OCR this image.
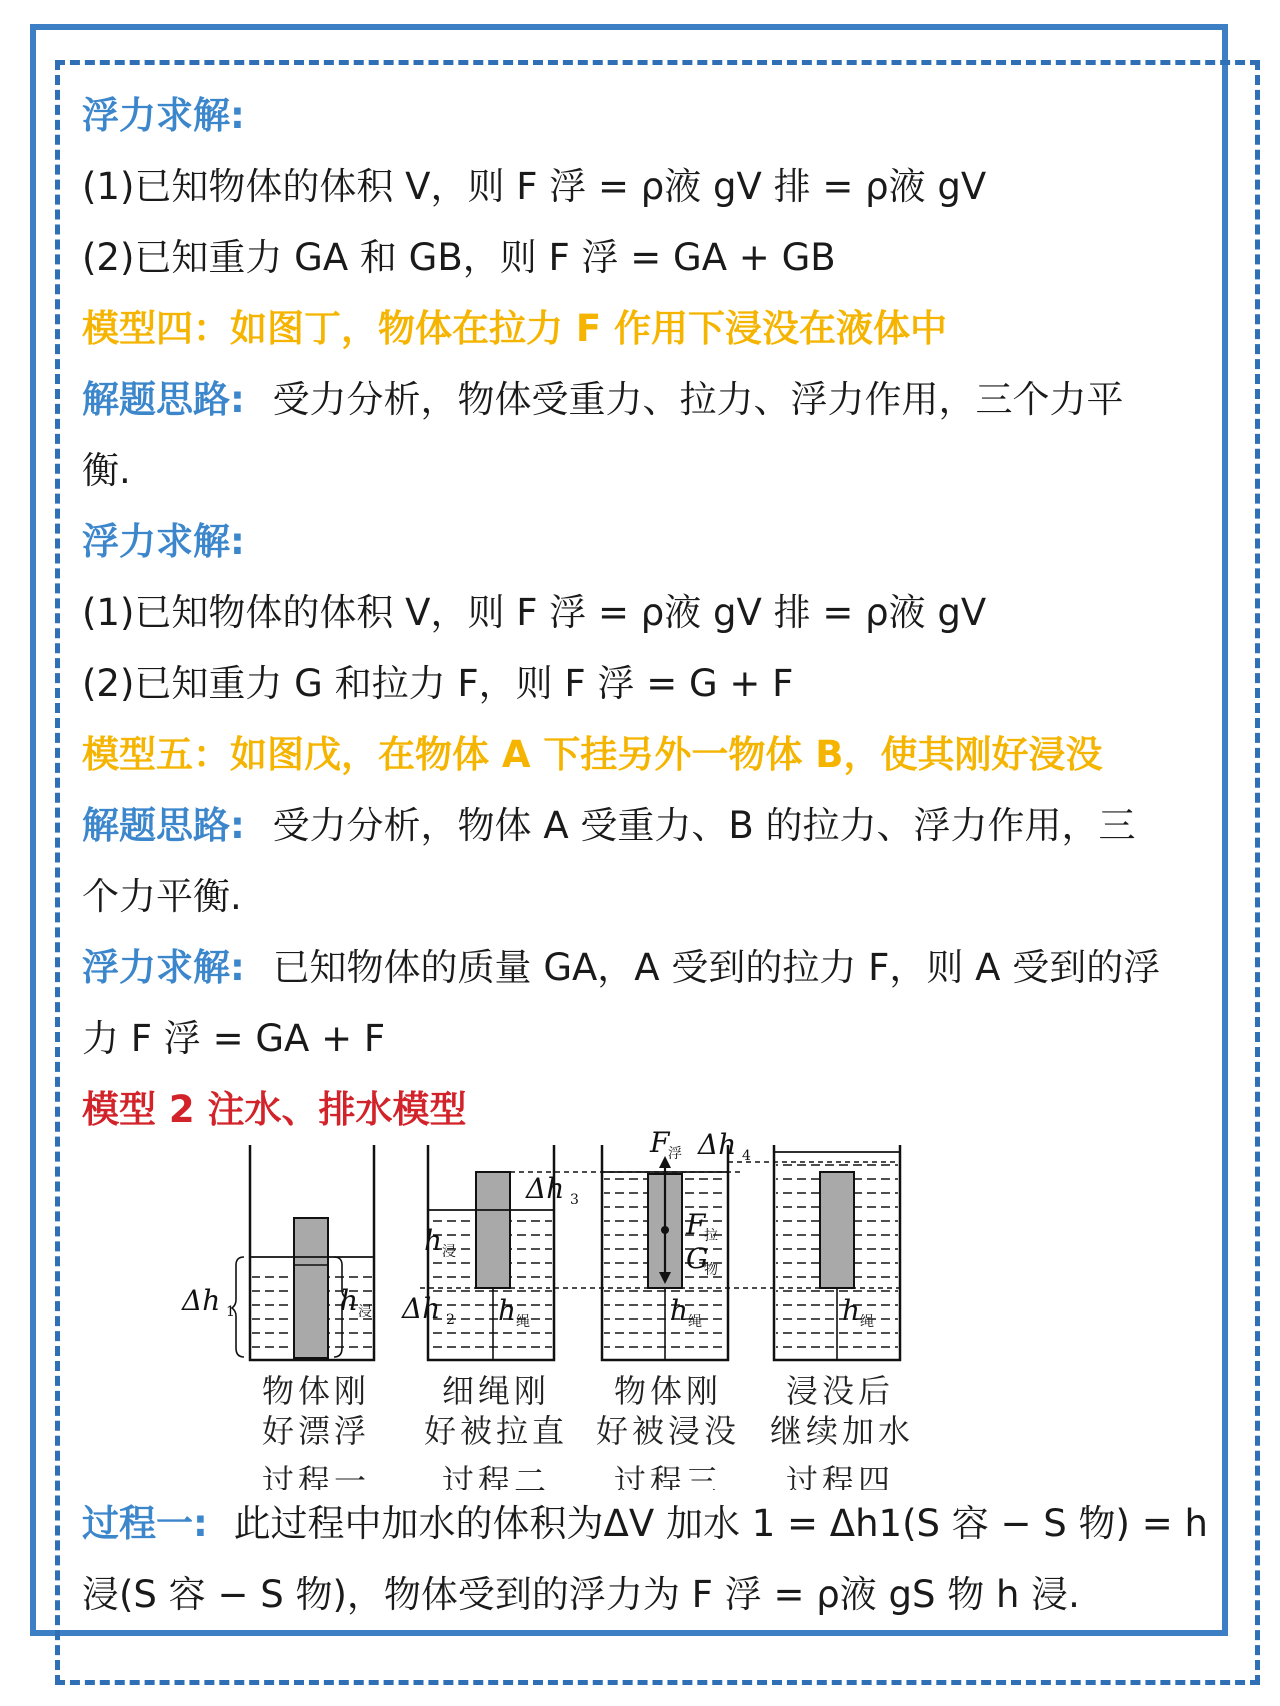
浮力求解:
(1)已知物体的体积 V，则 F 浮 = ρ液 gV 排 = ρ液 gV
(2)已知重力 GA 和 GB，则 F 浮 = GA + GB
模型四：如图丁，物体在拉力 F 作用下浸没在液体中
解题思路: 受力分析，物体受重力、拉力、浮力作用，三个力平
衡.
浮力求解:
(1)已知物体的体积 V，则 F 浮 = ρ液 gV 排 = ρ液 gV
(2)已知重力 G 和拉力 F，则 F 浮 = G + F
模型五：如图戊，在物体 A 下挂另外一物体 B，使其刚好浸没
解题思路: 受力分析，物体 A 受重力、B 的拉力、浮力作用，三
个力平衡.
浮力求解: 已知物体的质量 GA，A 受到的拉力 F，则 A 受到的浮
力 F 浮 = GA + F
模型 2 注水、排水模型
Δh 1	h 浸
h 浸
Δh 2 h 绳
Δh 3
F
浮
F
拉
G
物
h 绳
Δh 4
h 绳
物体刚
好漂浮
过程一
细绳刚
好被拉直
过程二
物体刚
好被浸没
过程三
浸没后
继续加水
过程四
过程一: 此过程中加水的体积为ΔV 加水 1 = Δh1(S 容 − S 物) = h
浸(S 容 − S 物)，物体受到的浮力为 F 浮 = ρ液 gS 物 h 浸.
